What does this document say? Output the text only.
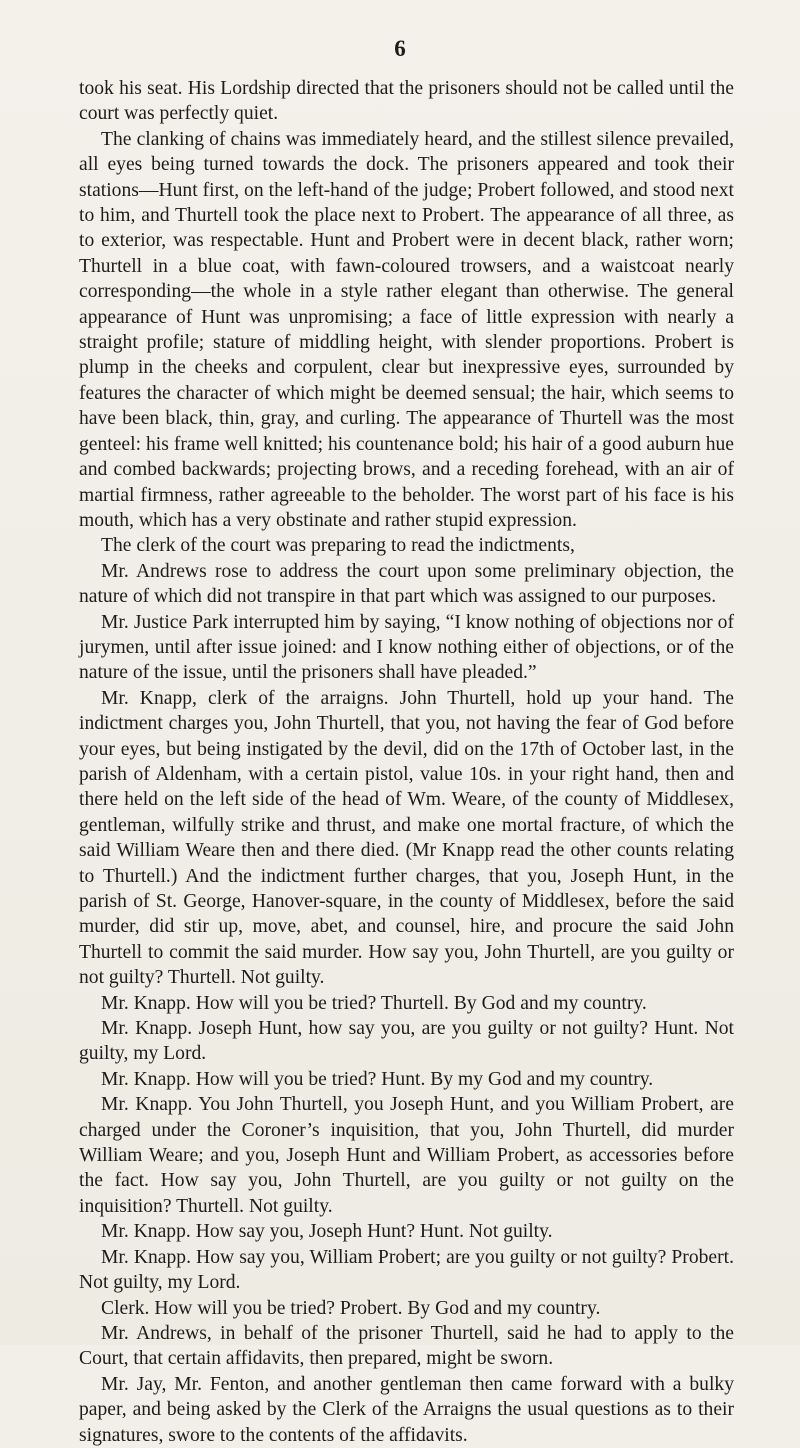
6

took his seat. His Lordship directed that the prisoners should not be called until the court was perfectly quiet.

The clanking of chains was immediately heard, and the stillest silence prevailed, all eyes being turned towards the dock. The prisoners appeared and took their stations—Hunt first, on the left-hand of the judge; Probert followed, and stood next to him, and Thurtell took the place next to Probert. The appearance of all three, as to exterior, was respectable. Hunt and Probert were in decent black, rather worn; Thurtell in a blue coat, with fawn-coloured trowsers, and a waistcoat nearly corresponding—the whole in a style rather elegant than otherwise. The general appearance of Hunt was unpromising; a face of little expression with nearly a straight profile; stature of middling height, with slender proportions. Probert is plump in the cheeks and corpulent, clear but inexpressive eyes, surrounded by features the character of which might be deemed sensual; the hair, which seems to have been black, thin, gray, and curling. The appearance of Thurtell was the most genteel: his frame well knitted; his countenance bold; his hair of a good auburn hue and combed backwards; projecting brows, and a receding forehead, with an air of martial firmness, rather agreeable to the beholder. The worst part of his face is his mouth, which has a very obstinate and rather stupid expression.

The clerk of the court was preparing to read the indictments,

Mr. Andrews rose to address the court upon some preliminary objection, the nature of which did not transpire in that part which was assigned to our purposes.

Mr. Justice Park interrupted him by saying, “I know nothing of objections nor of jurymen, until after issue joined: and I know nothing either of objections, or of the nature of the issue, until the prisoners shall have pleaded.”

Mr. Knapp, clerk of the arraigns. John Thurtell, hold up your hand. The indictment charges you, John Thurtell, that you, not having the fear of God before your eyes, but being instigated by the devil, did on the 17th of October last, in the parish of Aldenham, with a certain pistol, value 10s. in your right hand, then and there held on the left side of the head of Wm. Weare, of the county of Middlesex, gentleman, wilfully strike and thrust, and make one mortal fracture, of which the said William Weare then and there died. (Mr Knapp read the other counts relating to Thurtell.) And the indictment further charges, that you, Joseph Hunt, in the parish of St. George, Hanover-square, in the county of Middlesex, before the said murder, did stir up, move, abet, and counsel, hire, and procure the said John Thurtell to commit the said murder. How say you, John Thurtell, are you guilty or not guilty? Thurtell. Not guilty.

Mr. Knapp. How will you be tried? Thurtell. By God and my country.

Mr. Knapp. Joseph Hunt, how say you, are you guilty or not guilty? Hunt. Not guilty, my Lord.

Mr. Knapp. How will you be tried? Hunt. By my God and my country.

Mr. Knapp. You John Thurtell, you Joseph Hunt, and you William Probert, are charged under the Coroner’s inquisition, that you, John Thurtell, did murder William Weare; and you, Joseph Hunt and William Probert, as accessories before the fact. How say you, John Thurtell, are you guilty or not guilty on the inquisition? Thurtell. Not guilty.

Mr. Knapp. How say you, Joseph Hunt? Hunt. Not guilty.

Mr. Knapp. How say you, William Probert; are you guilty or not guilty? Probert. Not guilty, my Lord.

Clerk. How will you be tried? Probert. By God and my country.

Mr. Andrews, in behalf of the prisoner Thurtell, said he had to apply to the Court, that certain affidavits, then prepared, might be sworn.

Mr. Jay, Mr. Fenton, and another gentleman then came forward with a bulky paper, and being asked by the Clerk of the Arraigns the usual questions as to their signatures, swore to the contents of the affidavits.
